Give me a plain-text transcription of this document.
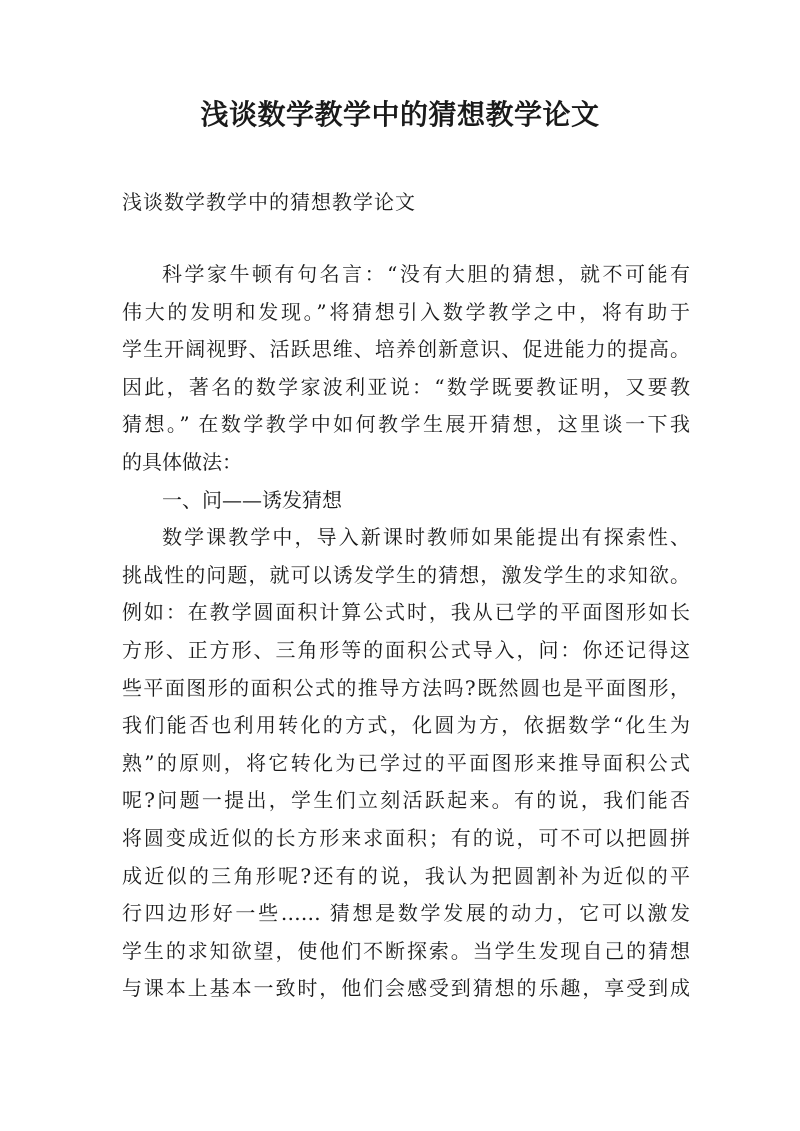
浅谈数学教学中的猜想教学论文

浅谈数学教学中的猜想教学论文

科学家牛顿有句名言：“没有大胆的猜想，就不可能有
伟大的发明和发现。”将猜想引入数学教学之中，将有助于
学生开阔视野、活跃思维、培养创新意识、促进能力的提高。
因此，著名的数学家波利亚说：“数学既要教证明，又要教
猜想。” 在数学教学中如何教学生展开猜想，这里谈一下我
的具体做法：
一、问——诱发猜想
数学课教学中，导入新课时教师如果能提出有探索性、
挑战性的问题，就可以诱发学生的猜想，激发学生的求知欲。
例如：在教学圆面积计算公式时，我从已学的平面图形如长
方形、正方形、三角形等的面积公式导入，问：你还记得这
些平面图形的面积公式的推导方法吗?既然圆也是平面图形，
我们能否也利用转化的方式，化圆为方，依据数学“化生为
熟”的原则，将它转化为已学过的平面图形来推导面积公式
呢?问题一提出，学生们立刻活跃起来。有的说，我们能否
将圆变成近似的长方形来求面积；有的说，可不可以把圆拼
成近似的三角形呢?还有的说，我认为把圆割补为近似的平
行四边形好一些…… 猜想是数学发展的动力，它可以激发
学生的求知欲望，使他们不断探索。当学生发现自己的猜想
与课本上基本一致时，他们会感受到猜想的乐趣，享受到成
